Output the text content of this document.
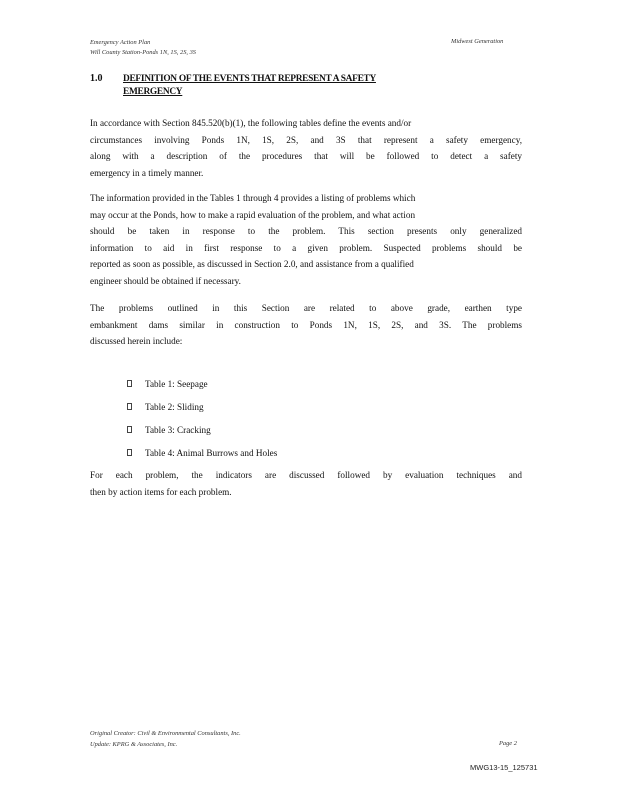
Emergency Action Plan
Will County Station-Ponds 1N, 1S, 2S, 3S
Midwest Generation
1.0 DEFINITION OF THE EVENTS THAT REPRESENT A SAFETY
EMERGENCY
In accordance with Section 845.520(b)(1), the following tables define the events and/or
circumstances involving Ponds 1N, 1S, 2S, and 3S that represent a safety emergency,
along with a description of the procedures that will be followed to detect a safety
emergency in a timely manner.
The information provided in the Tables 1 through 4 provides a listing of problems which
may occur at the Ponds, how to make a rapid evaluation of the problem, and what action
should be taken in response to the problem. This section presents only generalized
information to aid in first response to a given problem. Suspected problems should be
reported as soon as possible, as discussed in Section 2.0, and assistance from a qualified
engineer should be obtained if necessary.
The problems outlined in this Section are related to above grade, earthen type
embankment dams similar in construction to Ponds 1N, 1S, 2S, and 3S. The problems
discussed herein include:
Table 1: Seepage
Table 2: Sliding
Table 3: Cracking
Table 4: Animal Burrows and Holes
For each problem, the indicators are discussed followed by evaluation techniques and
then by action items for each problem.
Original Creator: Civil & Environmental Consultants, Inc.
Update: KPRG & Associates, Inc.	Page 2
MWG13-15_125731
